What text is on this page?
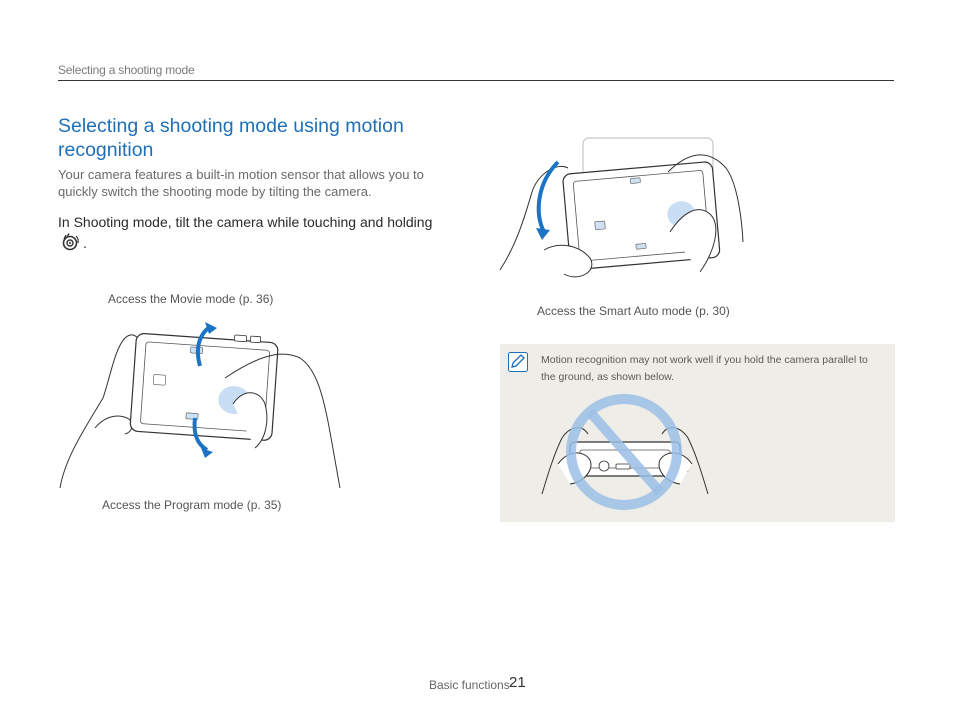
Selecting a shooting mode
Selecting a shooting mode using motion recognition
Your camera features a built-in motion sensor that allows you to quickly switch the shooting mode by tilting the camera.
In Shooting mode, tilt the camera while touching and holding .
Access the Movie mode (p. 36)
Access the Program mode (p. 35)
Access the Smart Auto mode (p. 30)
Motion recognition may not work well if you hold the camera parallel to the ground, as shown below.
Basic functions 21
